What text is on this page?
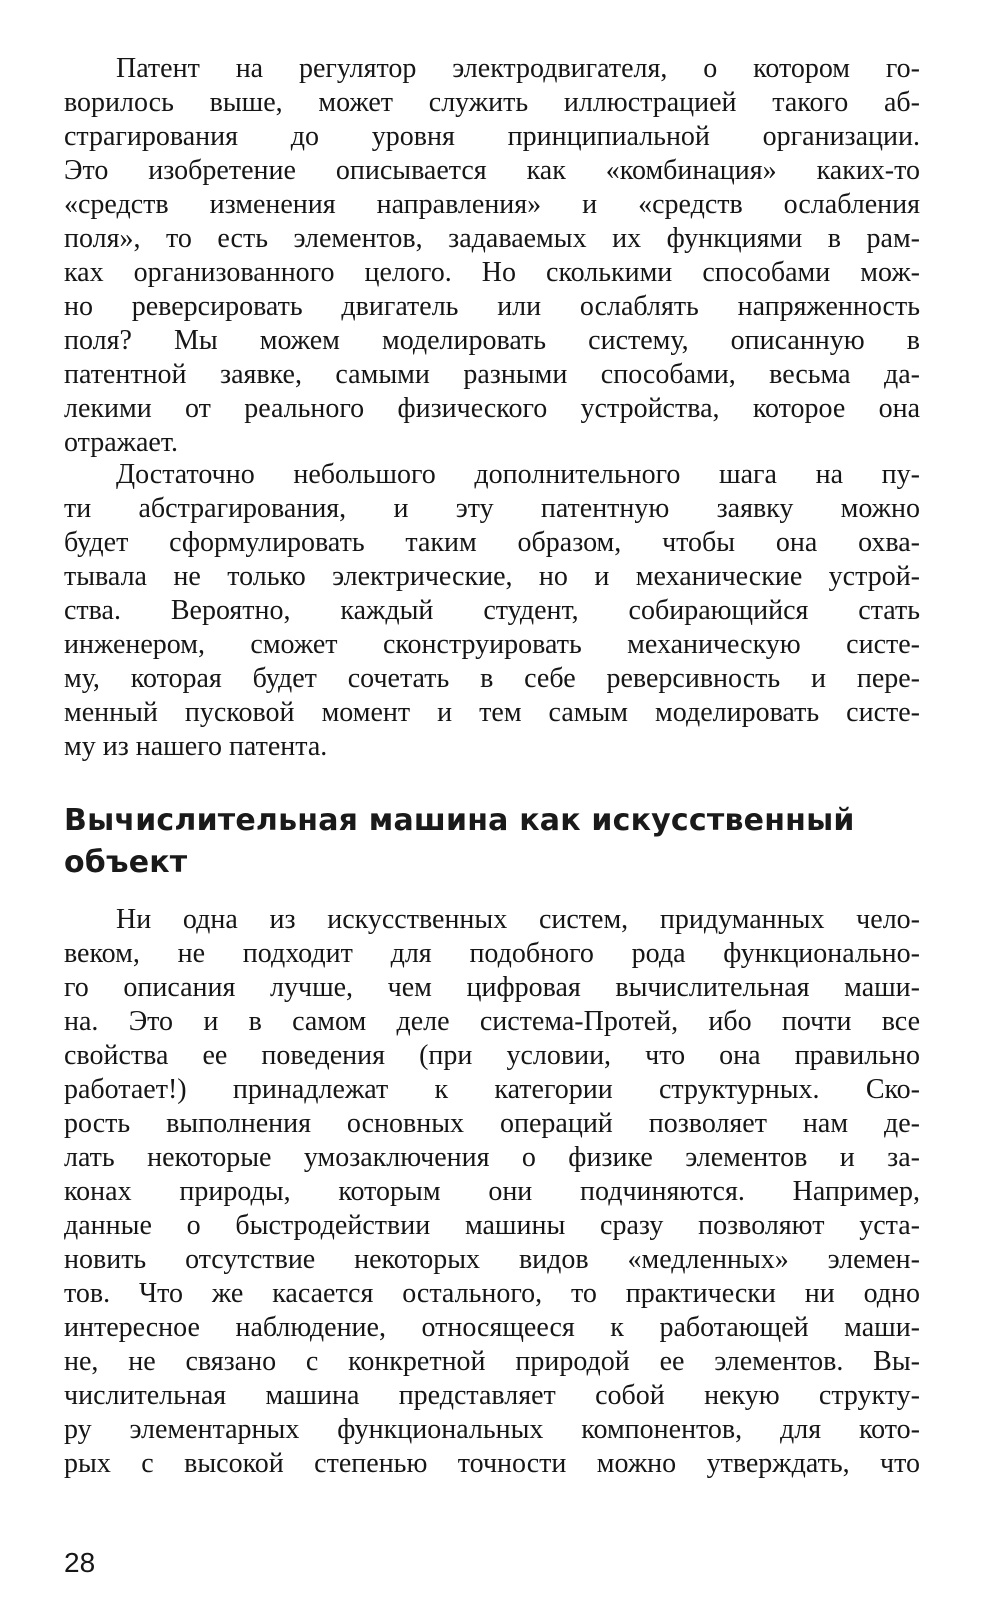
Патент на регулятор электродвигателя, о котором го-

ворилось выше, может служить иллюстрацией такого аб-

страгирования до уровня принципиальной организации.

Это изобретение описывается как «комбинация» каких-то

«средств изменения направления» и «средств ослабления

поля», то есть элементов, задаваемых их функциями в рам-

ках организованного целого. Но сколькими способами мож-

но реверсировать двигатель или ослаблять напряженность

поля? Мы можем моделировать систему, описанную в

патентной заявке, самыми разными способами, весьма да-

лекими от реального физического устройства, которое она

отражает.

Достаточно небольшого дополнительного шага на пу-

ти абстрагирования, и эту патентную заявку можно

будет сформулировать таким образом, чтобы она охва-

тывала не только электрические, но и механические устрой-

ства. Вероятно, каждый студент, собирающийся стать

инженером, сможет сконструировать механическую систе-

му, которая будет сочетать в себе реверсивность и пере-

менный пусковой момент и тем самым моделировать систе-

му из нашего патента.

Вычислительная машина как искусственный
объект

Ни одна из искусственных систем, придуманных чело-

веком, не подходит для подобного рода функционально-

го описания лучше, чем цифровая вычислительная маши-

на. Это и в самом деле система-Протей, ибо почти все

свойства ее поведения (при условии, что она правильно

работает!) принадлежат к категории структурных. Ско-

рость выполнения основных операций позволяет нам де-

лать некоторые умозаключения о физике элементов и за-

конах природы, которым они подчиняются. Например,

данные о быстродействии машины сразу позволяют уста-

новить отсутствие некоторых видов «медленных» элемен-

тов. Что же касается остального, то практически ни одно

интересное наблюдение, относящееся к работающей маши-

не, не связано с конкретной природой ее элементов. Вы-

числительная машина представляет собой некую структу-

ру элементарных функциональных компонентов, для кото-

рых с высокой степенью точности можно утверждать, что

28
